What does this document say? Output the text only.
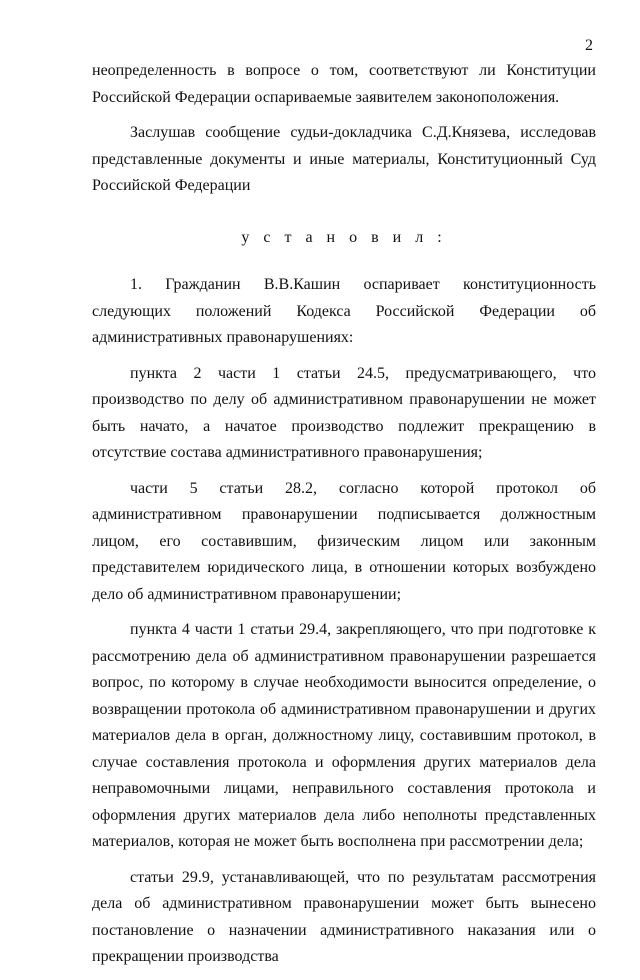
2

неопределенность в вопросе о том, соответствуют ли Конституции Российской Федерации оспариваемые заявителем законоположения.

Заслушав сообщение судьи-докладчика С.Д.Князева, исследовав представленные документы и иные материалы, Конституционный Суд Российской Федерации

у с т а н о в и л :

1. Гражданин В.В.Кашин оспаривает конституционность следующих положений Кодекса Российской Федерации об административных правонарушениях:

пункта 2 части 1 статьи 24.5, предусматривающего, что производство по делу об административном правонарушении не может быть начато, а начатое производство подлежит прекращению в отсутствие состава административного правонарушения;

части 5 статьи 28.2, согласно которой протокол об административном правонарушении подписывается должностным лицом, его составившим, физическим лицом или законным представителем юридического лица, в отношении которых возбуждено дело об административном правонарушении;

пункта 4 части 1 статьи 29.4, закрепляющего, что при подготовке к рассмотрению дела об административном правонарушении разрешается вопрос, по которому в случае необходимости выносится определение, о возвращении протокола об административном правонарушении и других материалов дела в орган, должностному лицу, составившим протокол, в случае составления протокола и оформления других материалов дела неправомочными лицами, неправильного составления протокола и оформления других материалов дела либо неполноты представленных материалов, которая не может быть восполнена при рассмотрении дела;

статьи 29.9, устанавливающей, что по результатам рассмотрения дела об административном правонарушении может быть вынесено постановление о назначении административного наказания или о прекращении производства
